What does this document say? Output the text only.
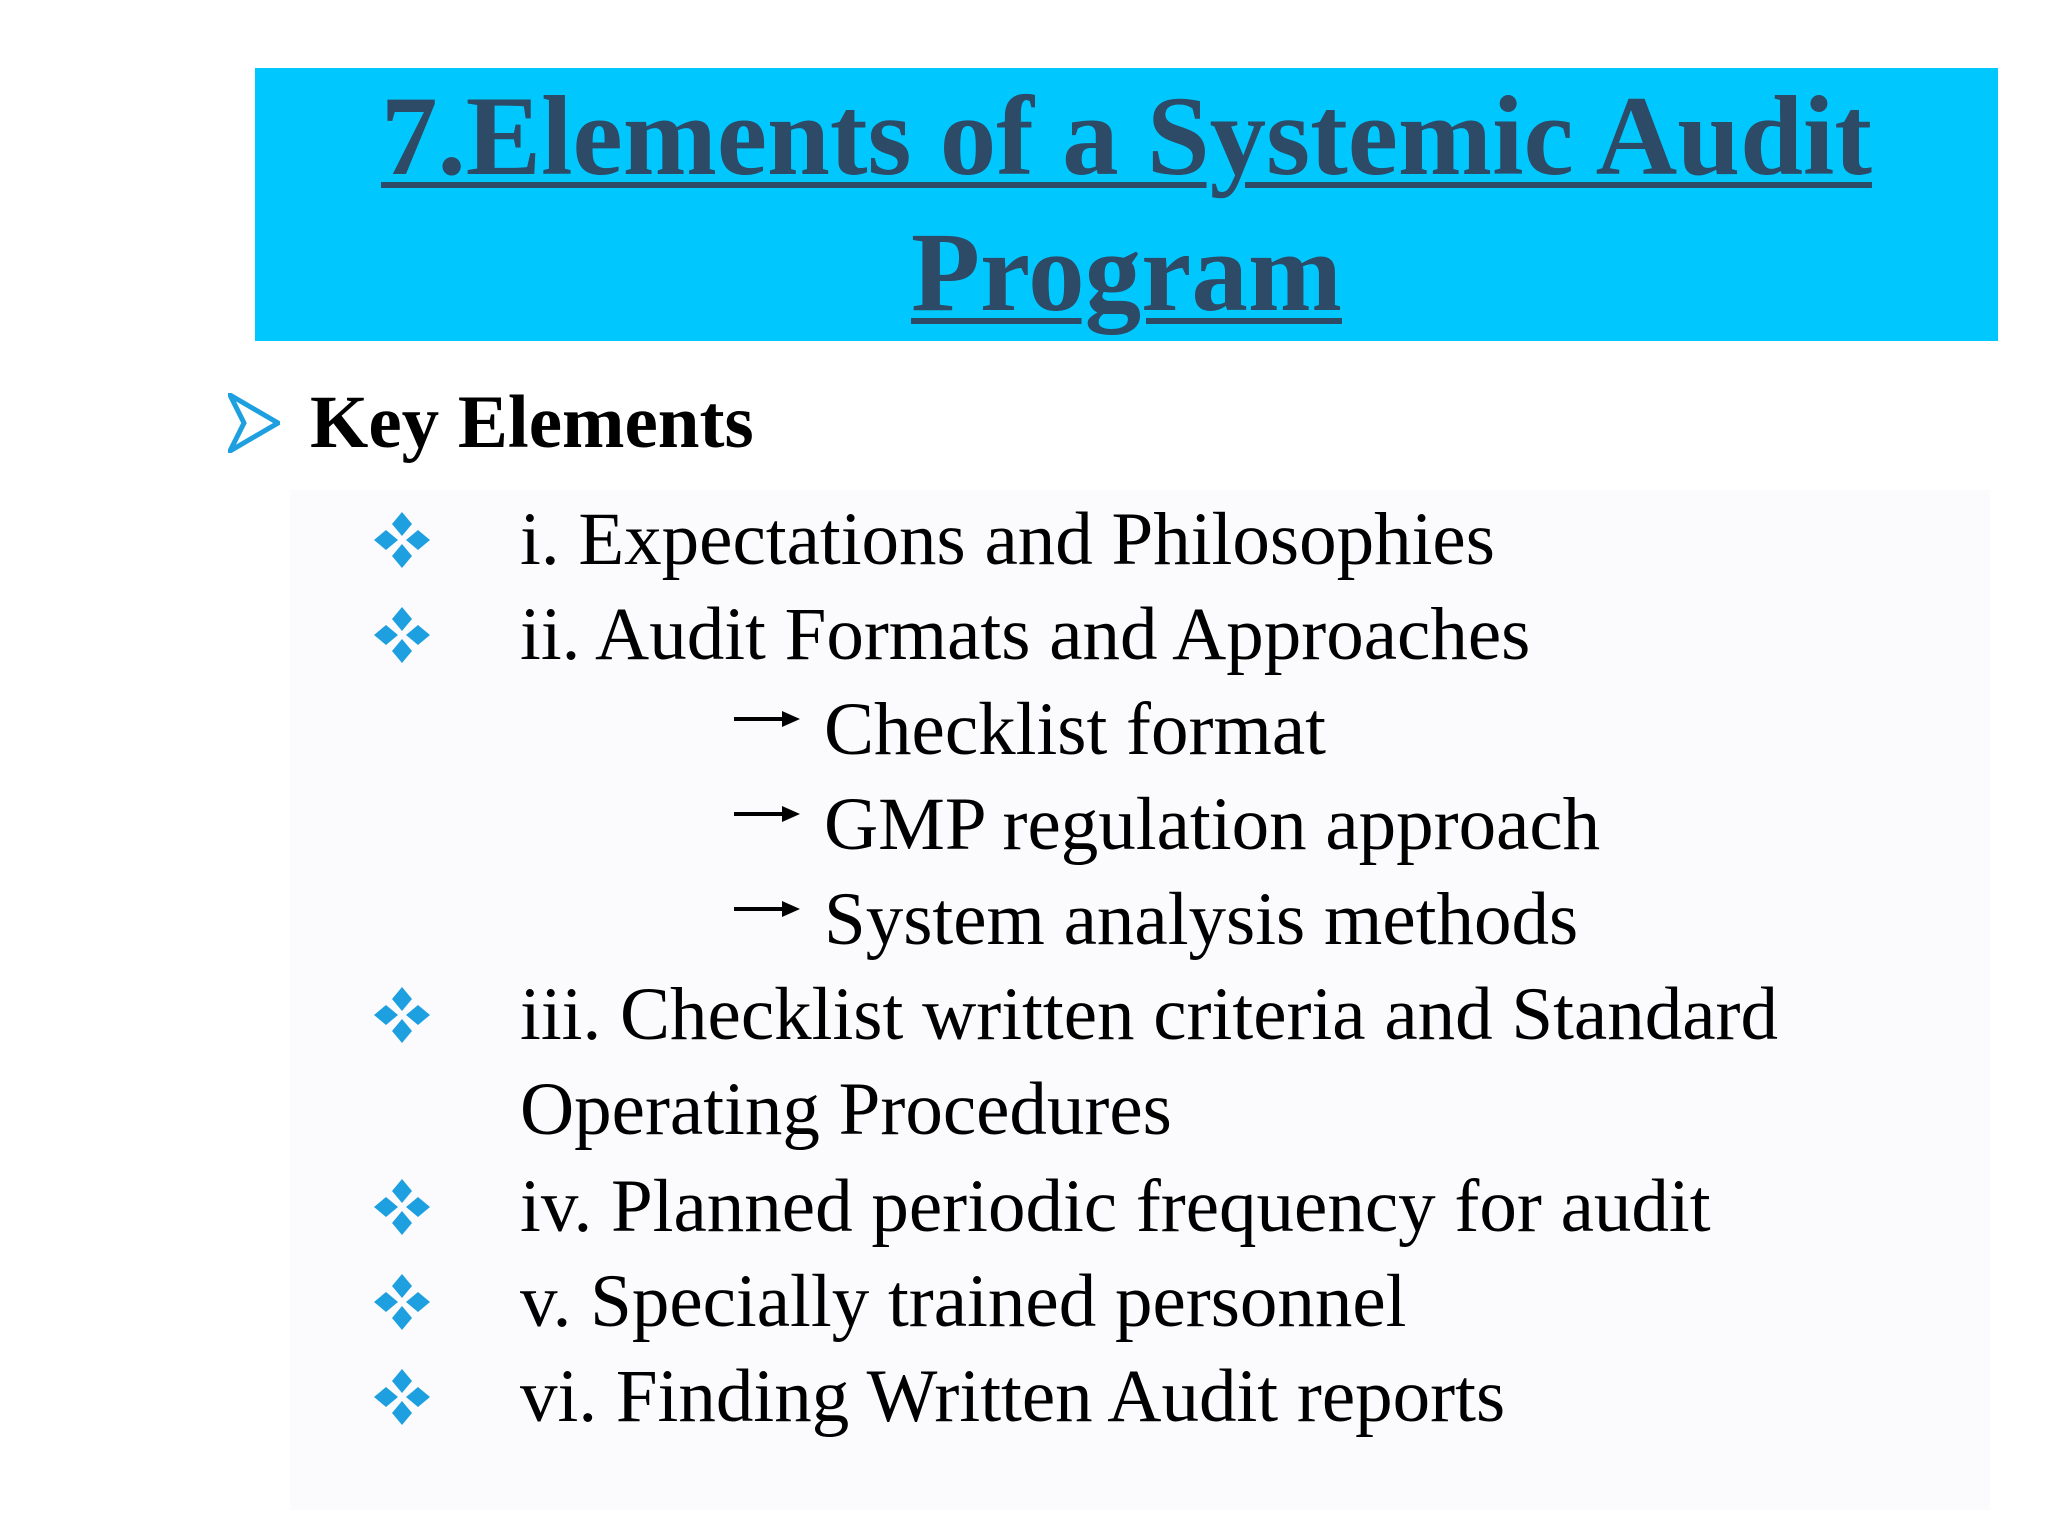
7.Elements of a Systemic Audit Program
Key Elements
i. Expectations and Philosophies
ii. Audit Formats and Approaches
Checklist format
GMP regulation approach
System analysis methods
iii. Checklist written criteria and Standard
Operating Procedures
iv. Planned periodic frequency for audit
v. Specially trained personnel
vi. Finding Written Audit reports
